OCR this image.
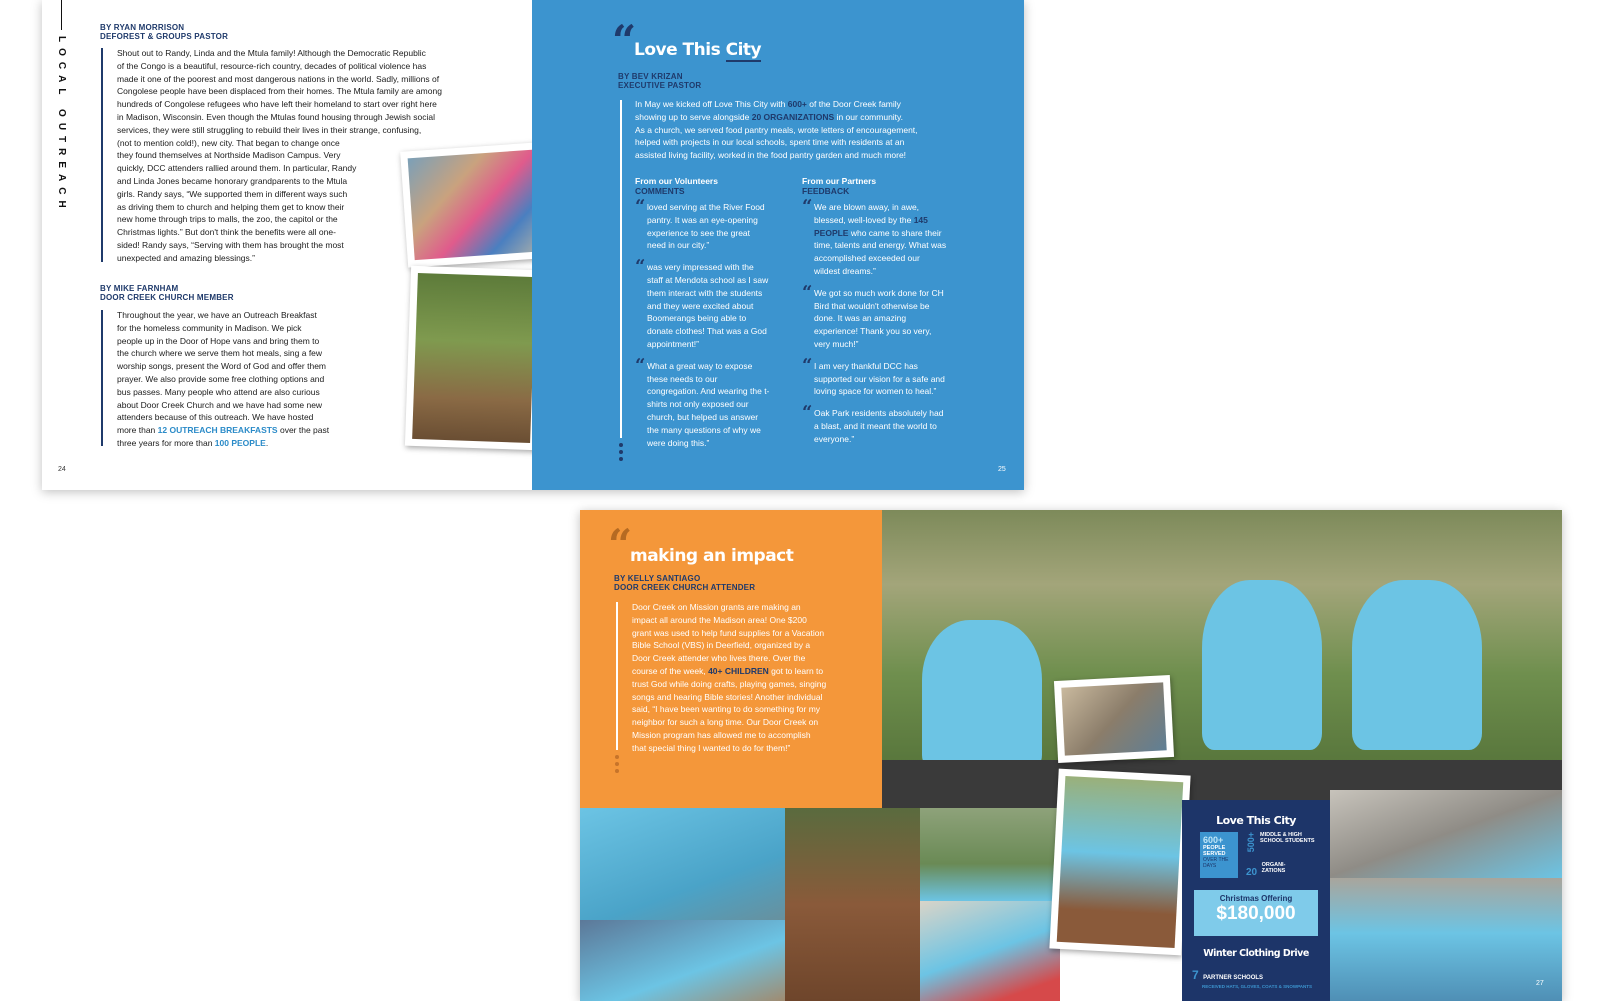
LOCAL OUTREACH
BY RYAN MORRISON
DEFOREST & GROUPS PASTOR
Shout out to Randy, Linda and the Mtula family! Although the Democratic Republic
of the Congo is a beautiful, resource-rich country, decades of political violence has
made it one of the poorest and most dangerous nations in the world. Sadly, millions of
Congolese people have been displaced from their homes. The Mtula family are among
hundreds of Congolese refugees who have left their homeland to start over right here
in Madison, Wisconsin. Even though the Mtulas found housing through Jewish social
services, they were still struggling to rebuild their lives in their strange, confusing,
(not to mention cold!), new city. That began to change once
they found themselves at Northside Madison Campus. Very
quickly, DCC attenders rallied around them. In particular, Randy
and Linda Jones became honorary grandparents to the Mtula
girls. Randy says, “We supported them in different ways such
as driving them to church and helping them get to know their
new home through trips to malls, the zoo, the capitol or the
Christmas lights.” But don't think the benefits were all one-
sided! Randy says, “Serving with them has brought the most
unexpected and amazing blessings.”
BY MIKE FARNHAM
DOOR CREEK CHURCH MEMBER
Throughout the year, we have an Outreach Breakfast
for the homeless community in Madison. We pick
people up in the Door of Hope vans and bring them to
the church where we serve them hot meals, sing a few
worship songs, present the Word of God and offer them
prayer. We also provide some free clothing options and
bus passes. Many people who attend are also curious
about Door Creek Church and we have had some new
attenders because of this outreach. We have hosted
more than 12 OUTREACH BREAKFASTS over the past
three years for more than 100 PEOPLE.
24
“
Love This City
BY BEV KRIZAN
EXECUTIVE PASTOR
In May we kicked off Love This City with 600+ of the Door Creek family
showing up to serve alongside 20 ORGANIZATIONS in our community.
As a church, we served food pantry meals, wrote letters of encouragement,
helped with projects in our local schools, spent time with residents at an
assisted living facility, worked in the food pantry garden and much more!
From our Volunteers
COMMENTS
“ loved serving at the River Food pantry. It was an eye-opening experience to see the great need in our city.”
“ was very impressed with the staff at Mendota school as I saw them interact with the students and they were excited about Boomerangs being able to donate clothes! That was a God appointment!”
“ What a great way to expose these needs to our congregation. And wearing the t-shirts not only exposed our church, but helped us answer the many questions of why we were doing this.”
From our Partners
FEEDBACK
“ We are blown away, in awe, blessed, well-loved by the 145 PEOPLE who came to share their time, talents and energy. What was accomplished exceeded our wildest dreams.”
“ We got so much work done for CH Bird that wouldn't otherwise be done. It was an amazing experience! Thank you so very, very much!”
“ I am very thankful DCC has supported our vision for a safe and loving space for women to heal.”
“ Oak Park residents absolutely had a blast, and it meant the world to everyone.”
25
“
making an impact
BY KELLY SANTIAGO
DOOR CREEK CHURCH ATTENDER
Door Creek on Mission grants are making an
impact all around the Madison area! One $200
grant was used to help fund supplies for a Vacation
Bible School (VBS) in Deerfield, organized by a
Door Creek attender who lives there. Over the
course of the week, 40+ CHILDREN got to learn to
trust God while doing crafts, playing games, singing
songs and hearing Bible stories! Another individual
said, “I have been wanting to do something for my
neighbor for such a long time. Our Door Creek on
Mission program has allowed me to accomplish
that special thing I wanted to do for them!”
Love This City
600+
PEOPLE SERVED
OVER THE DAYS
500+ MIDDLE & HIGH SCHOOL STUDENTS
20 ORGANI-ZATIONS
Christmas Offering
$180,000
Winter Clothing Drive
7 PARTNER SCHOOLS
RECEIVED HATS, GLOVES, COATS & SNOWPANTS	27
